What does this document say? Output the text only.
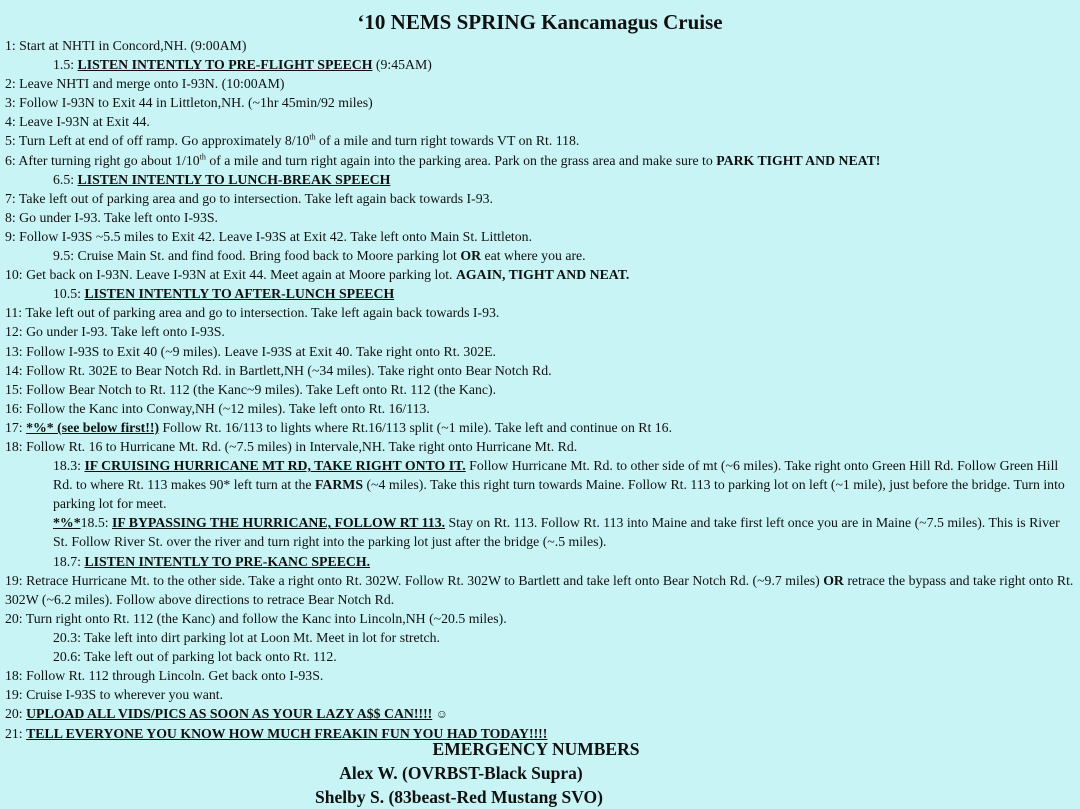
‘10 NEMS SPRING Kancamagus Cruise
1: Start at NHTI in Concord,NH. (9:00AM)
1.5: LISTEN INTENTLY TO PRE-FLIGHT SPEECH (9:45AM)
2: Leave NHTI and merge onto I-93N. (10:00AM)
3: Follow I-93N to Exit 44 in Littleton,NH. (~1hr 45min/92 miles)
4: Leave I-93N at Exit 44.
5: Turn Left at end of off ramp. Go approximately 8/10th of a mile and turn right towards VT on Rt. 118.
6: After turning right go about 1/10th of a mile and turn right again into the parking area. Park on the grass area and make sure to PARK TIGHT AND NEAT!
6.5: LISTEN INTENTLY TO LUNCH-BREAK SPEECH
7: Take left out of parking area and go to intersection. Take left again back towards I-93.
8: Go under I-93. Take left onto I-93S.
9: Follow I-93S ~5.5 miles to Exit 42. Leave I-93S at Exit 42. Take left onto Main St. Littleton.
9.5: Cruise Main St. and find food. Bring food back to Moore parking lot OR eat where you are.
10: Get back on I-93N. Leave I-93N at Exit 44. Meet again at Moore parking lot. AGAIN, TIGHT AND NEAT.
10.5: LISTEN INTENTLY TO AFTER-LUNCH SPEECH
11: Take left out of parking area and go to intersection. Take left again back towards I-93.
12: Go under I-93. Take left onto I-93S.
13: Follow I-93S to Exit 40 (~9 miles). Leave I-93S at Exit 40. Take right onto Rt. 302E.
14: Follow Rt. 302E to Bear Notch Rd. in Bartlett,NH (~34 miles). Take right onto Bear Notch Rd.
15: Follow Bear Notch to Rt. 112 (the Kanc~9 miles). Take Left onto Rt. 112 (the Kanc).
16: Follow the Kanc into Conway,NH (~12 miles). Take left onto Rt. 16/113.
17: *%* (see below first!!) Follow Rt. 16/113 to lights where Rt.16/113 split (~1 mile). Take left and continue on Rt 16.
18: Follow Rt. 16 to Hurricane Mt. Rd. (~7.5 miles) in Intervale,NH. Take right onto Hurricane Mt. Rd.
18.3: IF CRUISING HURRICANE MT RD, TAKE RIGHT ONTO IT. Follow Hurricane Mt. Rd. to other side of mt (~6 miles). Take right onto Green Hill Rd. Follow Green Hill Rd. to where Rt. 113 makes 90* left turn at the FARMS (~4 miles). Take this right turn towards Maine. Follow Rt. 113 to parking lot on left (~1 mile), just before the bridge. Turn into parking lot for meet.
*%*18.5: IF BYPASSING THE HURRICANE, FOLLOW RT 113. Stay on Rt. 113. Follow Rt. 113 into Maine and take first left once you are in Maine (~7.5 miles). This is River St. Follow River St. over the river and turn right into the parking lot just after the bridge (~.5 miles).
18.7: LISTEN INTENTLY TO PRE-KANC SPEECH.
19: Retrace Hurricane Mt. to the other side. Take a right onto Rt. 302W. Follow Rt. 302W to Bartlett and take left onto Bear Notch Rd. (~9.7 miles) OR retrace the bypass and take right onto Rt. 302W (~6.2 miles). Follow above directions to retrace Bear Notch Rd.
20: Turn right onto Rt. 112 (the Kanc) and follow the Kanc into Lincoln,NH (~20.5 miles).
20.3: Take left into dirt parking lot at Loon Mt. Meet in lot for stretch.
20.6: Take left out of parking lot back onto Rt. 112.
18: Follow Rt. 112 through Lincoln. Get back onto I-93S.
19: Cruise I-93S to wherever you want.
20: UPLOAD ALL VIDS/PICS AS SOON AS YOUR LAZY A$$ CAN!!!! ☺
21: TELL EVERYONE YOU KNOW HOW MUCH FREAKIN FUN YOU HAD TODAY!!!!
EMERGENCY NUMBERS
Alex W. (OVRBST-Black Supra)
Shelby S. (83beast-Red Mustang SVO)
